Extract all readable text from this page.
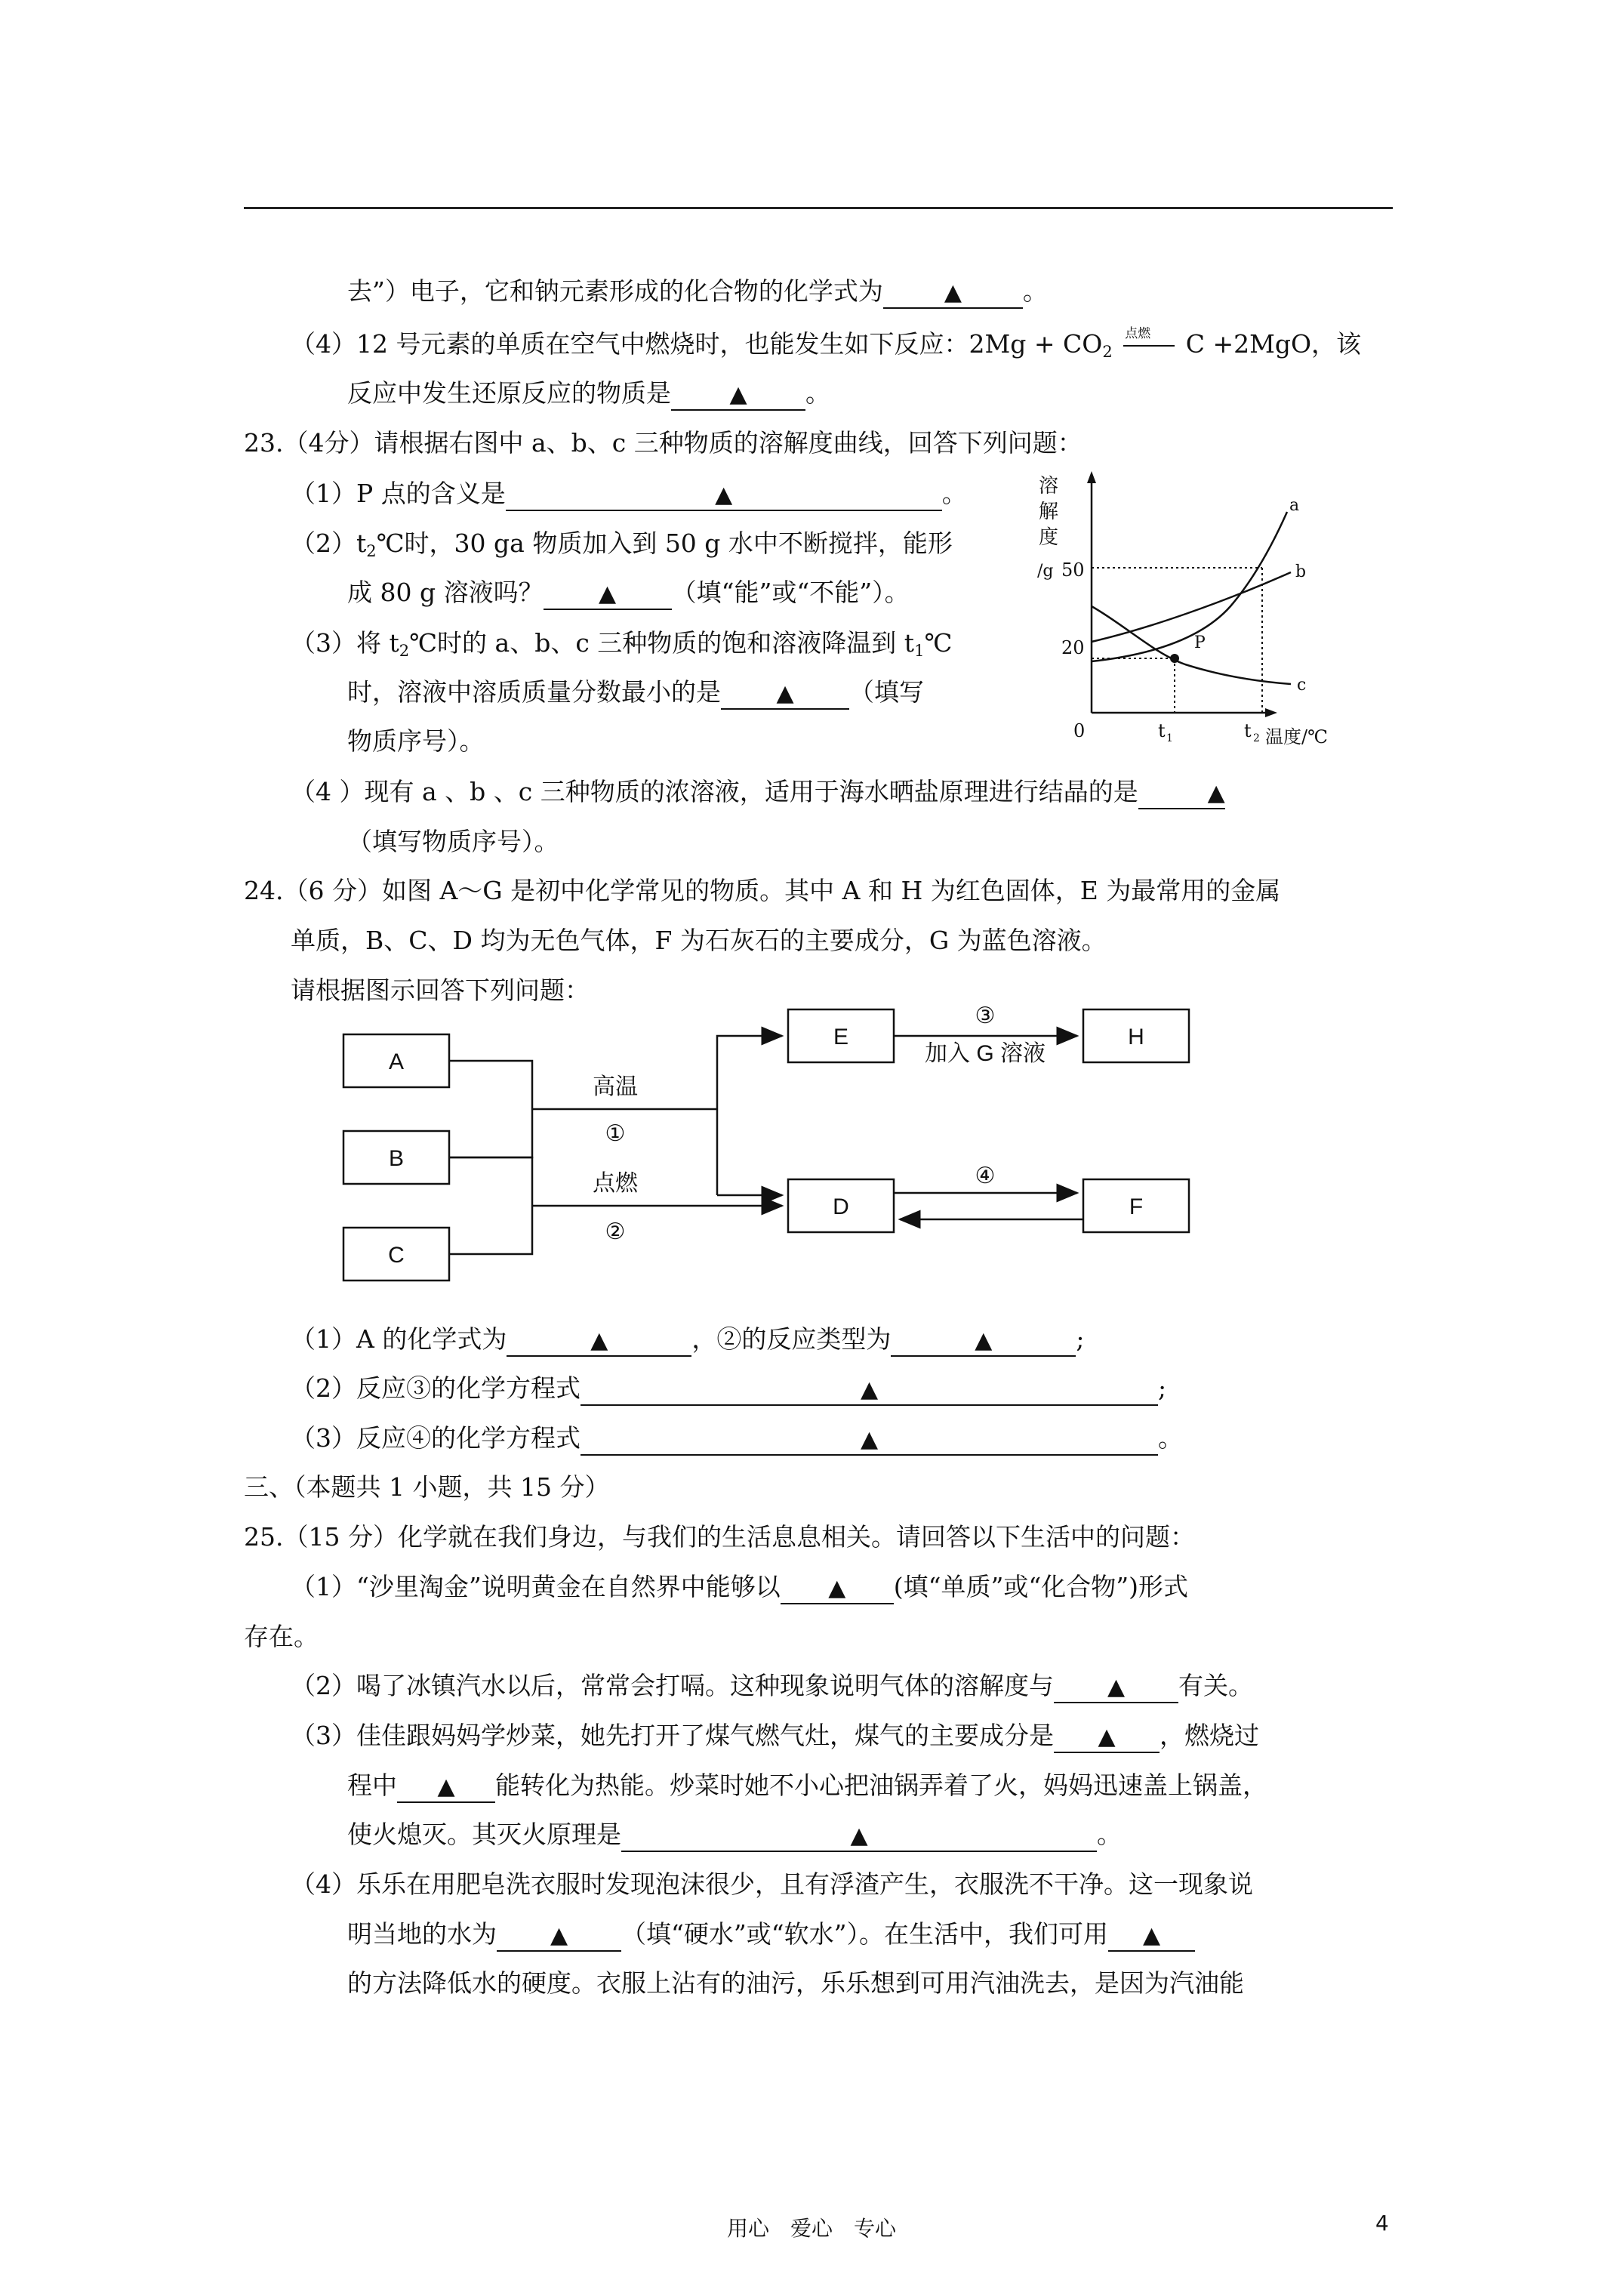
去”）电子，它和钠元素形成的化合物的化学式为	▲ 。
（4）12 号元素的单质在空气中燃烧时，也能发生如下反应：$2Mg + CO_2$
点燃 C +2MgO，该
反应中发生还原反应的物质是	▲ 。
23.（4分）请根据右图中 a、b、c 三种物质的溶解度曲线，回答下列问题：
（1）P 点的含义是	▲	。
$(2)t_2℃$时，30 ga 物质加入到 50 g 水中不断搅拌，能形
成 80 g 溶液吗？ ▲ （填“能”或“不能”）。
（3）将 $t_2℃$时的 a、b、c 三种物质的饱和溶液降温到 $t_1℃$
时，溶液中溶质质量分数最小的是 ▲ （填写
物质序号）。
（4 ）现有 a 、b 、c 三种物质的浓溶液，适用于海水晒盐原理进行结晶的是	▲
（填写物质序号）。
24.（6 分）如图 A～G 是初中化学常见的物质。其中 A 和 H 为红色固体，E 为最常用的金属
单质，B、C、D 均为无色气体，F 为石灰石的主要成分，G 为蓝色溶液。
请根据图示回答下列问题：
溶
解
度
/g 50
20
0	t 1	t 2 温度/℃
a
b
c
P
A
B
C
E
D
H
F
高温
①
点燃
②
③
加入 G 溶液
④
（1）A 的化学式为	▲	，②的反应类型为	▲	;
（2）反应③的化学方程式	▲	;
（3）反应④的化学方程式	▲	。
三、（本题共 1 小题，共 15 分）
25.（15 分）化学就在我们身边，与我们的生活息息相关。请回答以下生活中的问题：
（1）“沙里淘金”说明黄金在自然界中能够以 ▲ (填“单质”或“化合物”)形式
存在。
（2）喝了冰镇汽水以后，常常会打嗝。这种现象说明气体的溶解度与 ▲ 有关。
（3）佳佳跟妈妈学炒菜，她先打开了煤气燃气灶，煤气的主要成分是 ▲ ，燃烧过
程中 ▲ 能转化为热能。炒菜时她不小心把油锅弄着了火，妈妈迅速盖上锅盖，
使火熄灭。其灭火原理是	▲	。
（4）乐乐在用肥皂洗衣服时发现泡沫很少，且有浮渣产生，衣服洗不干净。这一现象说
明当地的水为 ▲ （填“硬水”或“软水”）。在生活中，我们可用 ▲
的方法降低水的硬度。衣服上沾有的油污，乐乐想到可用汽油洗去，是因为汽油能
用心　爱心　专心	4
